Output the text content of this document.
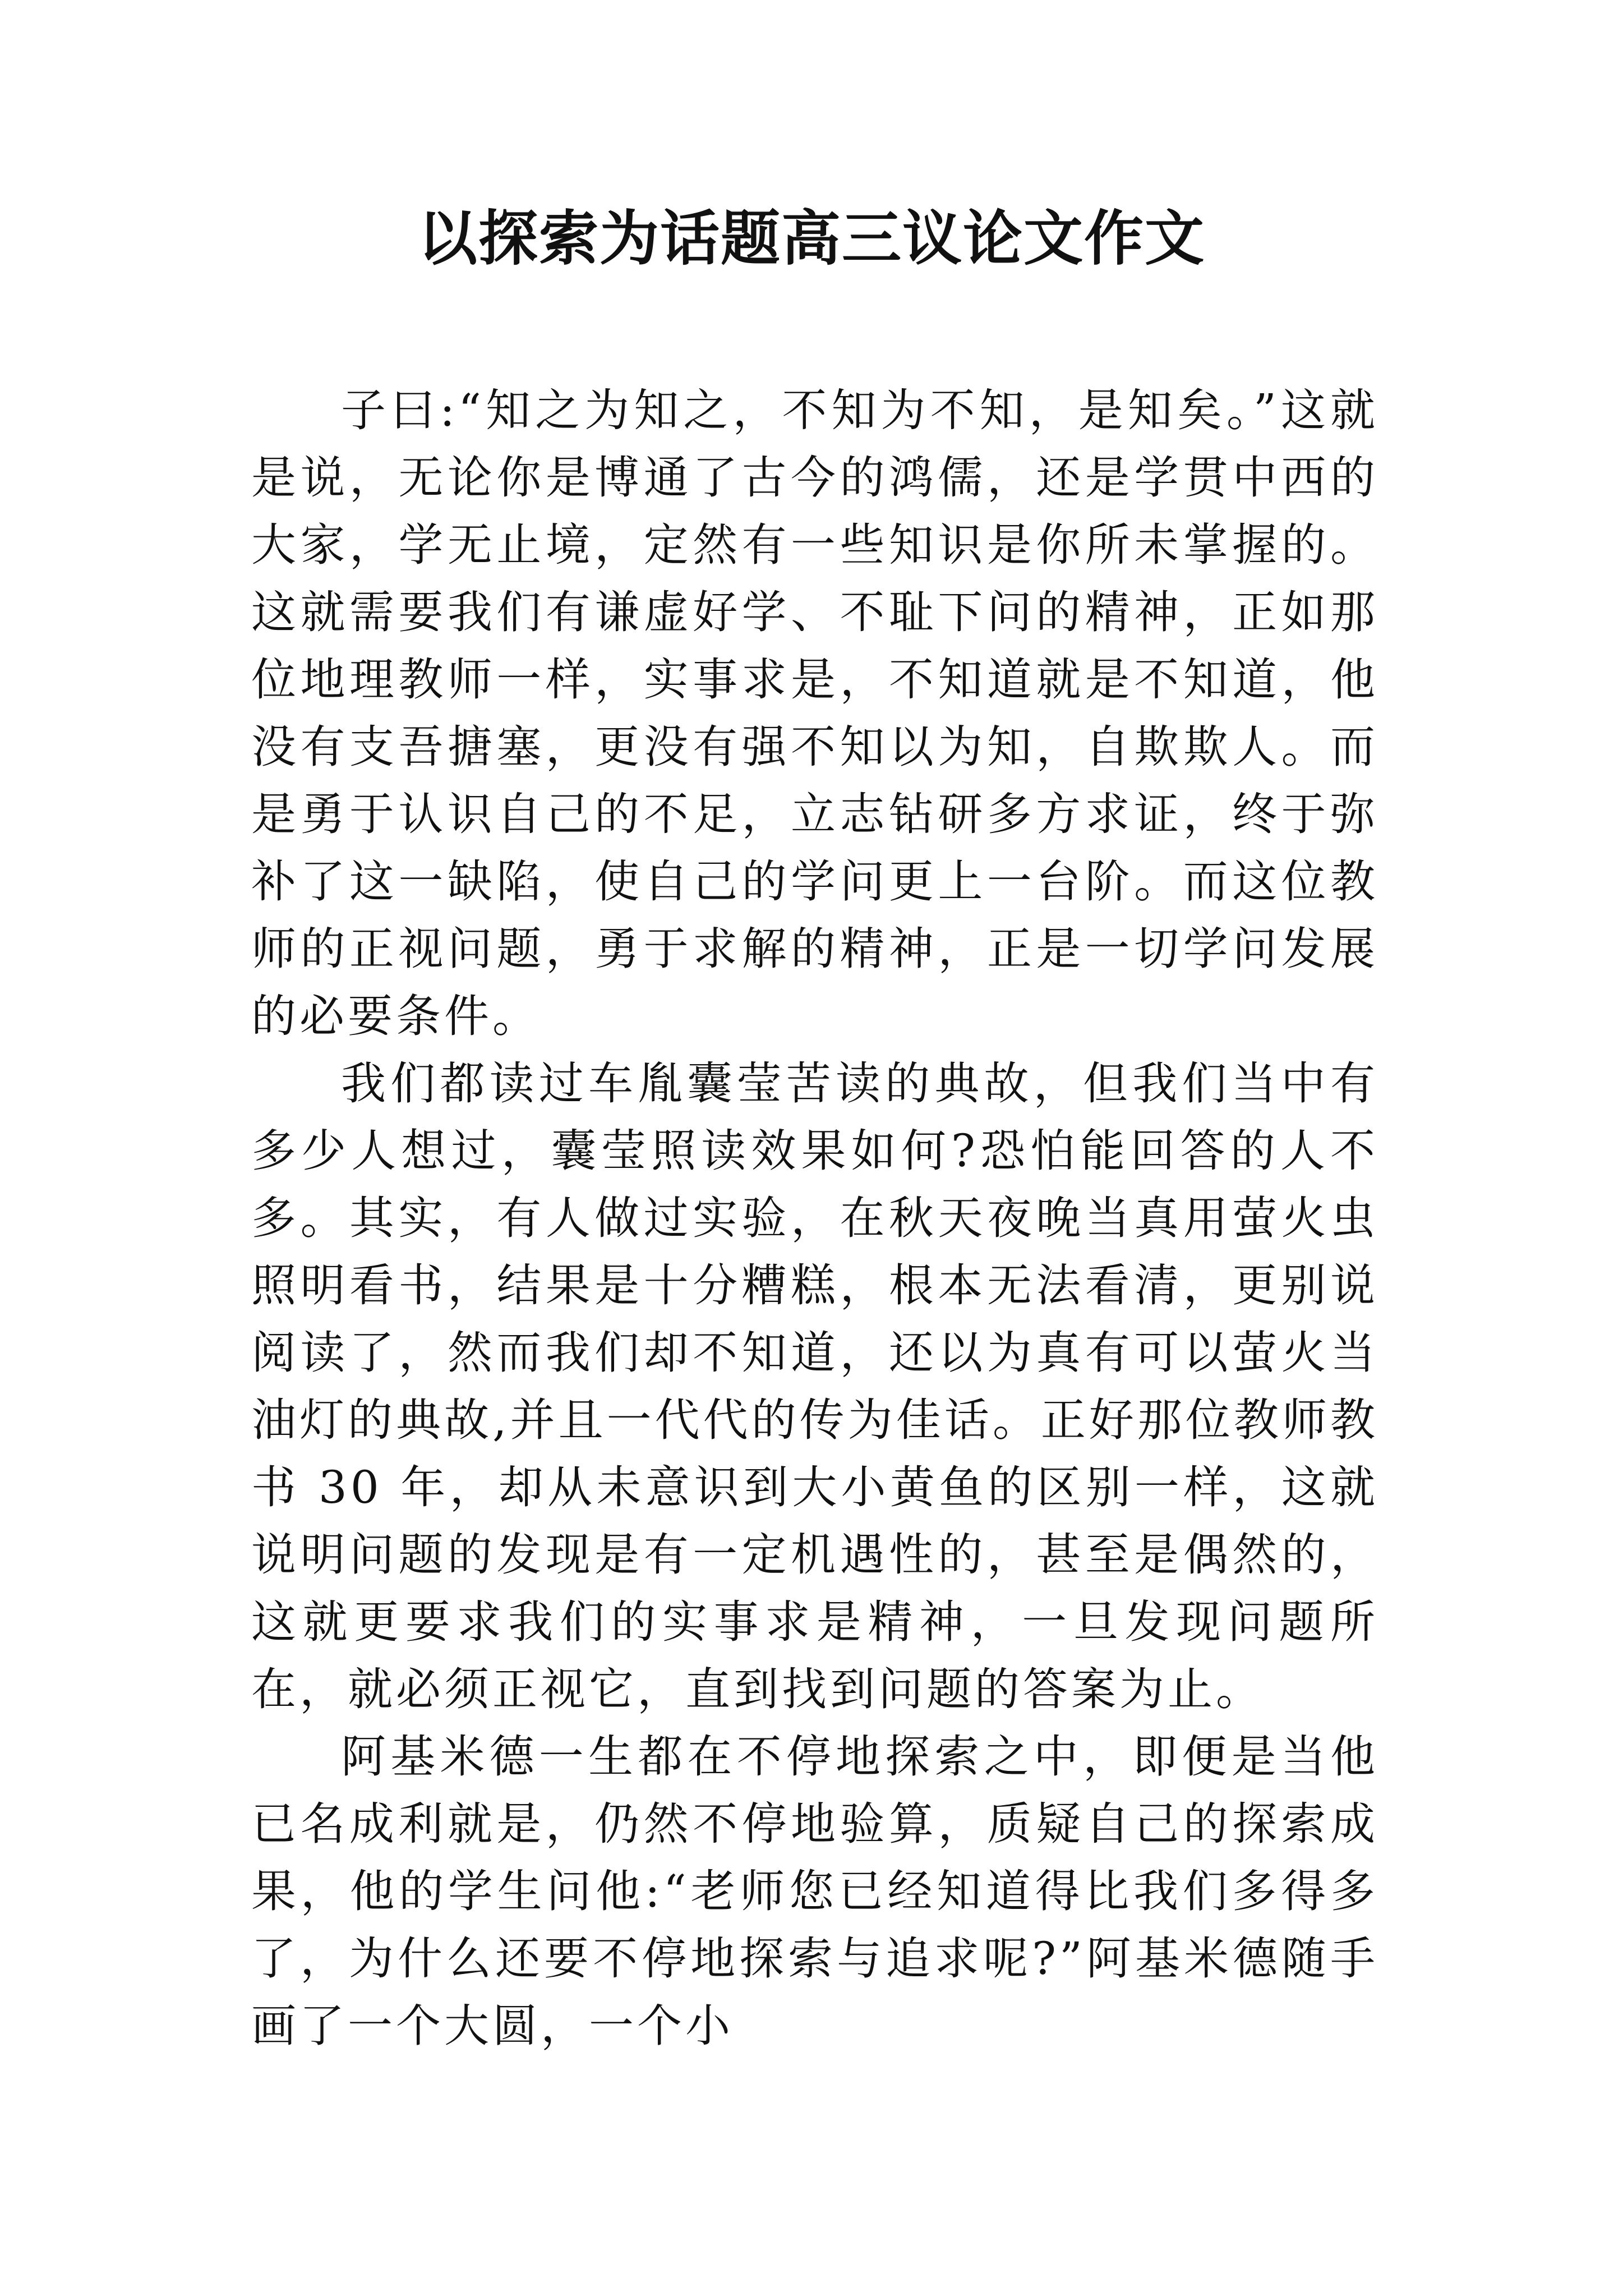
以探索为话题高三议论文作文

子曰:“知之为知之，不知为不知，是知矣。”这就是说，无论你是博通了古今的鸿儒，还是学贯中西的大家，学无止境，定然有一些知识是你所未掌握的。这就需要我们有谦虚好学、不耻下问的精神，正如那位地理教师一样，实事求是，不知道就是不知道，他没有支吾搪塞，更没有强不知以为知，自欺欺人。而是勇于认识自己的不足，立志钻研多方求证，终于弥补了这一缺陷，使自己的学问更上一台阶。而这位教师的正视问题，勇于求解的精神，正是一切学问发展的必要条件。

我们都读过车胤囊莹苦读的典故，但我们当中有多少人想过，囊莹照读效果如何?恐怕能回答的人不多。其实，有人做过实验，在秋天夜晚当真用萤火虫照明看书，结果是十分糟糕，根本无法看清，更别说阅读了，然而我们却不知道，还以为真有可以萤火当油灯的典故,并且一代代的传为佳话。正好那位教师教书 30 年，却从未意识到大小黄鱼的区别一样，这就说明问题的发现是有一定机遇性的，甚至是偶然的，这就更要求我们的实事求是精神，一旦发现问题所在，就必须正视它，直到找到问题的答案为止。

阿基米德一生都在不停地探索之中，即便是当他已名成利就是，仍然不停地验算，质疑自己的探索成果，他的学生问他:“老师您已经知道得比我们多得多了，为什么还要不停地探索与追求呢?”阿基米德随手画了一个大圆，一个小
